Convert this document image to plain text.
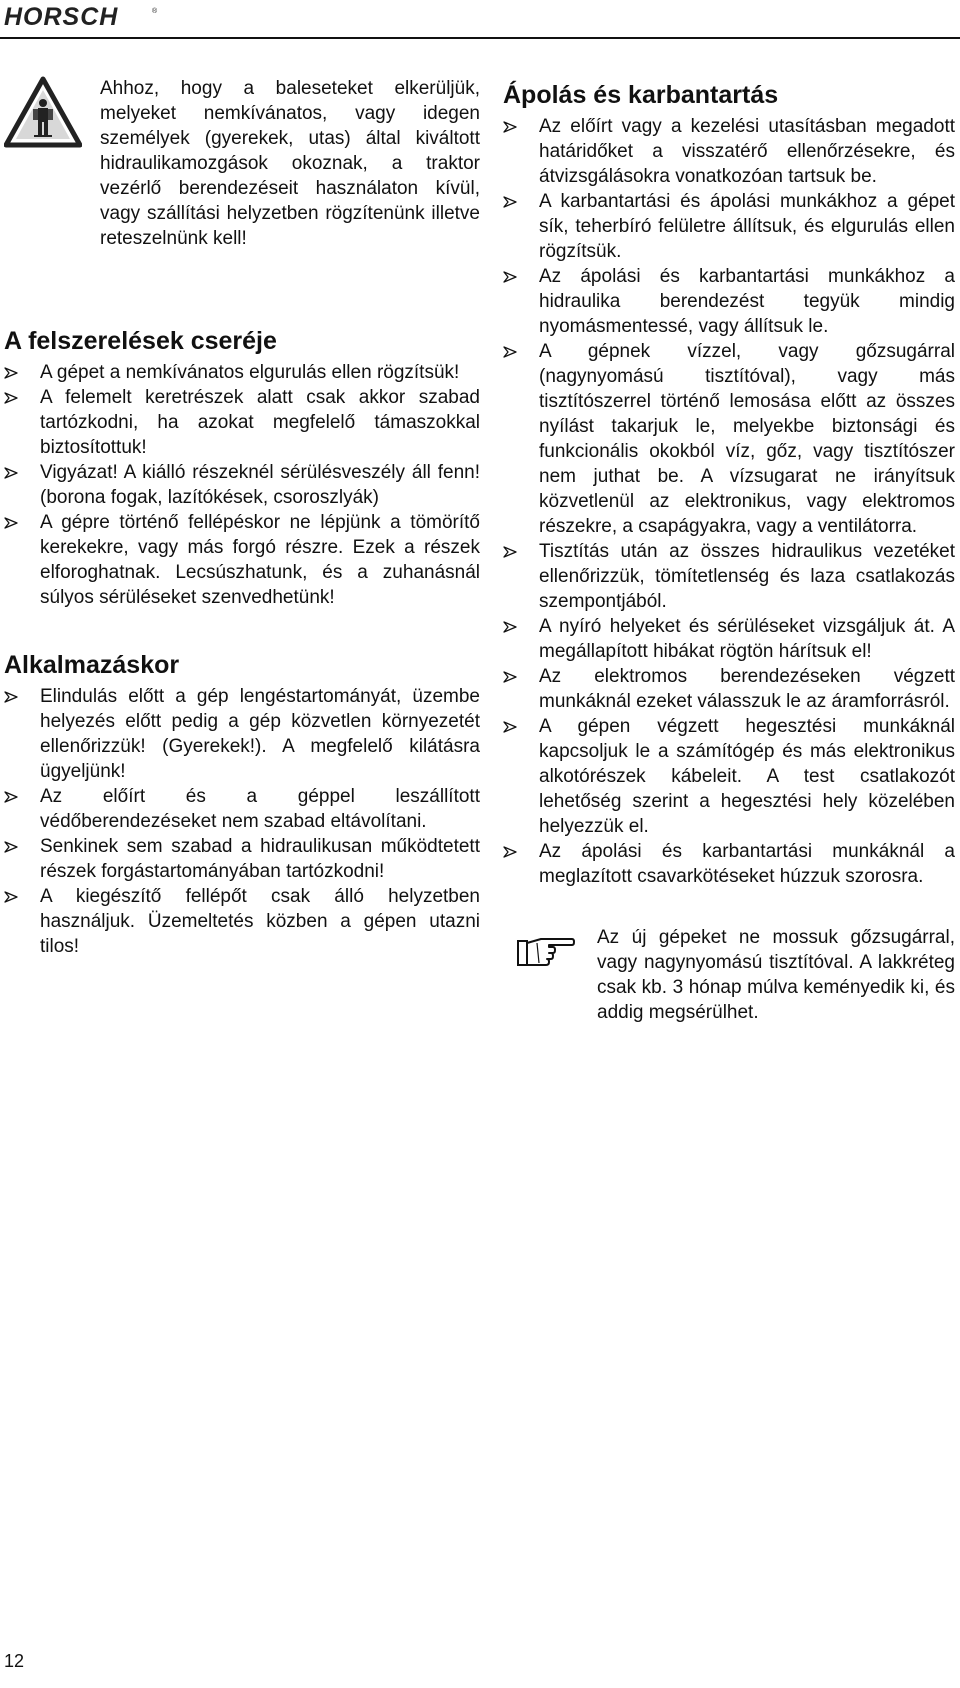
HORSCH	®

Ahhoz, hogy a baleseteket elkerüljük, melyeket nemkívánatos, vagy idegen személyek (gyerekek, utas) által kiváltott hidraulikamozgások okoznak, a traktor vezérlő berendezéseit használaton kívül, vagy szállítási helyzetben rögzítenünk illetve reteszelnünk kell!

A felszerelések cseréje
A gépet a nemkívánatos elgurulás ellen rögzítsük!
A felemelt keretrészek alatt csak akkor szabad tartózkodni, ha azokat megfelelő támaszokkal biztosítottuk!
Vigyázat! A kiálló részeknél sérülésveszély áll fenn! (borona fogak, lazítókések, csoroszlyák)
A gépre történő fellépéskor ne lépjünk a tömörítő kerekekre, vagy más forgó részre. Ezek a részek elforoghatnak. Lecsúszhatunk, és a zuhanásnál súlyos sérüléseket szenvedhetünk!
Alkalmazáskor
Elindulás előtt a gép lengéstartományát, üzembe helyezés előtt pedig a gép közvetlen környezetét ellenőrizzük! (Gyerekek!). A megfelelő kilátásra ügyeljünk!
Az előírt és a géppel leszállított védőberendezéseket nem szabad eltávolítani.
Senkinek sem szabad a hidraulikusan működtetett részek forgástartományában tartózkodni!
A kiegészítő fellépőt csak álló helyzetben használjuk. Üzemeltetés közben a gépen utazni tilos!
Ápolás és karbantartás
Az előírt vagy a kezelési utasításban megadott határidőket a visszatérő ellenőrzésekre, és átvizsgálásokra vonatkozóan tartsuk be.
A karbantartási és ápolási munkákhoz a gépet sík, teherbíró felületre állítsuk, és elgurulás ellen rögzítsük.
Az ápolási és karbantartási munkákhoz a hidraulika berendezést tegyük mindig nyomásmentessé, vagy állítsuk le.
A gépnek vízzel, vagy gőzsugárral (nagynyomású tisztítóval), vagy más tisztítószerrel történő lemosása előtt az összes nyílást takarjuk le, melyekbe biztonsági és funkcionális okokból víz, gőz, vagy tisztítószer nem juthat be. A vízsugarat ne irányítsuk közvetlenül az elektronikus, vagy elektromos részekre, a csapágyakra, vagy a ventilátorra.
Tisztítás után az összes hidraulikus vezetéket ellenőrizzük, tömítetlenség és laza csatlakozás szempontjából.
A nyíró helyeket és sérüléseket vizsgáljuk át. A megállapított hibákat rögtön hárítsuk el!
Az elektromos berendezéseken végzett munkáknál ezeket válasszuk le az áramforrásról.
A gépen végzett hegesztési munkáknál kapcsoljuk le a számítógép és más elektronikus alkotórészek kábeleit. A test csatlakozót lehetőség szerint a hegesztési hely közelében helyezzük el.
Az ápolási és karbantartási munkáknál a meglazított csavarkötéseket húzzuk szorosra.

Az új gépeket ne mossuk gőzsugárral, vagy nagynyomású tisztítóval. A lakkréteg csak kb. 3 hónap múlva keményedik ki, és addig megsérülhet.

12
